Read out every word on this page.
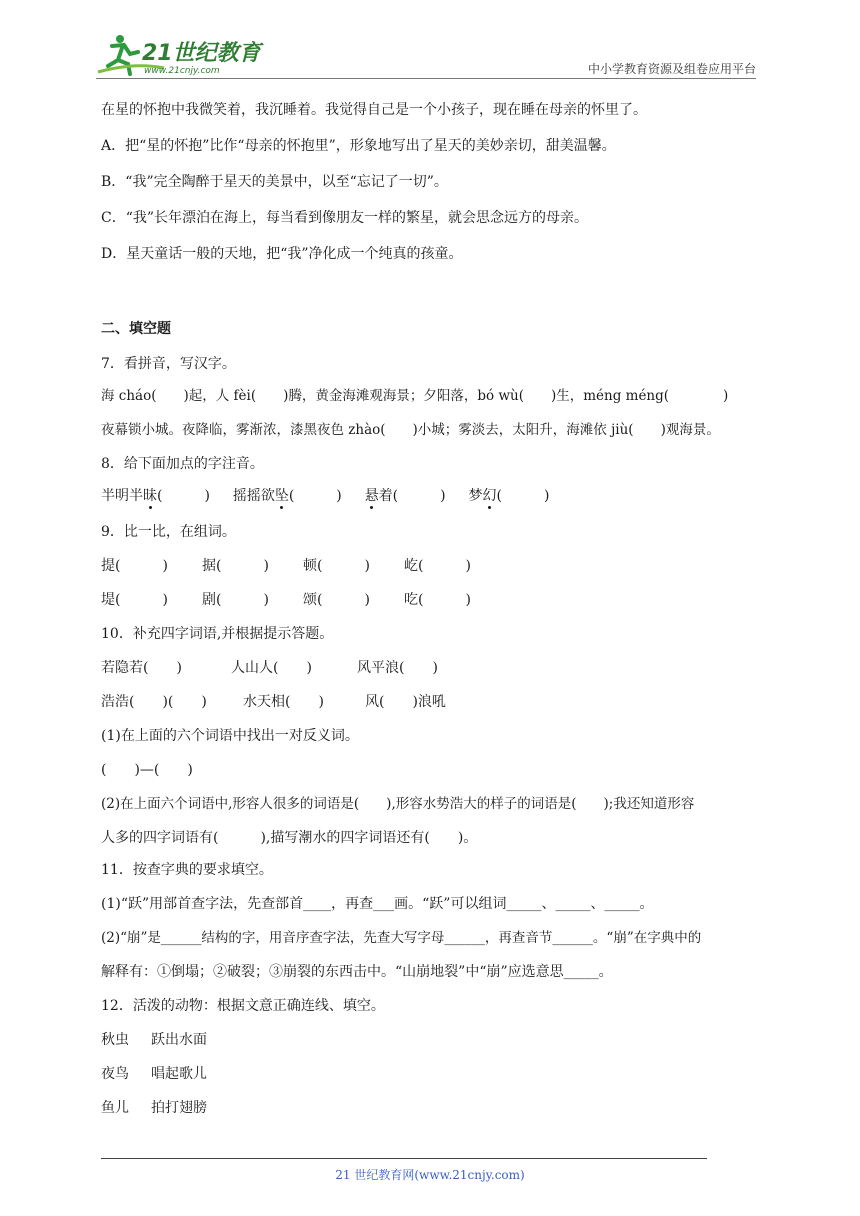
21世纪教育
www.21cnjy.com	中小学教育资源及组卷应用平台
在星的怀抱中我微笑着，我沉睡着。我觉得自己是一个小孩子，现在睡在母亲的怀里了。
A．把“星的怀抱”比作“母亲的怀抱里”，形象地写出了星天的美妙亲切，甜美温馨。
B．“我”完全陶醉于星天的美景中，以至“忘记了一切”。
C．“我”长年漂泊在海上，每当看到像朋友一样的繁星，就会思念远方的母亲。
D．星天童话一般的天地，把“我”净化成一个纯真的孩童。
二、填空题
7．看拼音，写汉字。
海 cháo(　　)起，人 fèi(　　)腾，黄金海滩观海景；夕阳落，bó wù(　　)生，méng méng(　　　　)
夜幕锁小城。夜降临，雾渐浓，漆黑夜色 zhào(　　)小城；雾淡去，太阳升，海滩依 jiù(　　)观海景。
8．给下面加点的字注音。
半明半昧(　　　) 摇摇欲坠(　　　) 悬着(　　　) 梦幻(　　　)
9．比一比，在组词。
提(　　　) 据(　　　) 顿(　　　) 屹(　　　)
堤(　　　) 剧(　　　) 颂(　　　) 吃(　　　)
10．补充四字词语,并根据提示答题。
若隐若(　　)	人山人(　　)	风平浪(　　)
浩浩(　　)(　　)	水天相(　　)	风(　　)浪吼
(1)在上面的六个词语中找出一对反义词。
(　　)—(　　)
(2)在上面六个词语中,形容人很多的词语是(　　),形容水势浩大的样子的词语是(　　);我还知道形容
人多的四字词语有(　　　),描写潮水的四字词语还有(　　)。
11．按查字典的要求填空。
(1)“跃”用部首查字法，先查部首____，再查___画。“跃”可以组词_____、_____、_____。
(2)“崩”是______结构的字，用音序查字法，先查大写字母______，再查音节______。“崩”在字典中的
解释有：①倒塌；②破裂；③崩裂的东西击中。“山崩地裂”中“崩”应选意思_____。
12．活泼的动物：根据文意正确连线、填空。
秋虫 跃出水面
夜鸟 唱起歌儿
鱼儿 拍打翅膀
21 世纪教育网(www.21cnjy.com)
